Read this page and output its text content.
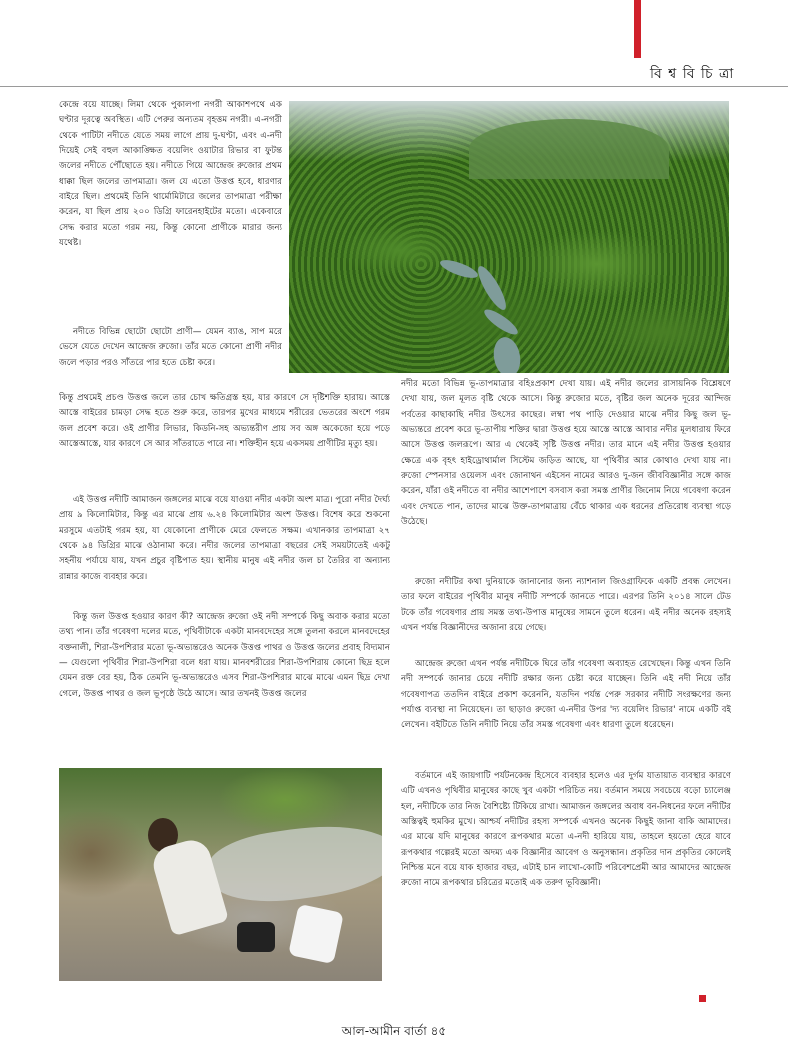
বি শ্ব বি চি ত্রা

কেন্দ্রে বয়ে যাচ্ছে। লিমা থেকে পুকালপা নগরী আকাশপথে এক ঘণ্টার দূরত্বে অবস্থিত। এটি পেরুর অন্যতম বৃহত্তম নগরী। এ-নগরী থেকে পাটিটা নদীতে যেতে সময় লাগে প্রায় দু-ঘণ্টা, এবং এ-নদী দিয়েই সেই বহুল আকাঙ্ক্ষিত বয়েলিং ওয়াটার রিভার বা ফুটন্ত জলের নদীতে পৌঁছোতে হয়। নদীতে গিয়ে আন্দ্রেজ রুজোর প্রথম ধাক্কা ছিল জলের তাপমাত্রা। জল যে এতো উত্তপ্ত হবে, ধারণার বাইরে ছিল। প্রথমেই তিনি থার্মোমিটারে জলের তাপমাত্রা পরীক্ষা করেন, যা ছিল প্রায় ২০০ ডিগ্রি ফারেনহাইটের মতো। একেবারে সেদ্ধ করার মতো গরম নয়, কিন্তু কোনো প্রাণীকে মারার জন্য যথেষ্ট।

নদীতে বিভিন্ন ছোটো ছোটো প্রাণী— যেমন ব্যাঙ, সাপ মরে ভেসে যেতে দেখেন আন্দ্রেজ রুজো। তাঁর মতে কোনো প্রাণী নদীর জলে পড়ার পরও সাঁতরে পার হতে চেষ্টা করে।

কিন্তু প্রথমেই প্রচণ্ড উত্তপ্ত জলে তার চোখ ক্ষতিগ্রস্ত হয়, যার কারণে সে দৃষ্টিশক্তি হারায়। আস্তে আস্তে বাইরের চামড়া সেদ্ধ হতে শুরু করে, তারপর মুখের মাধ্যমে শরীরের ভেতরের অংশে গরম জল প্রবেশ করে। ওই প্রাণীর লিভার, কিডনি-সহ অভ্যন্তরীণ প্রায় সব অঙ্গ অকেজো হয়ে পড়ে আস্তেআস্তে, যার কারণে সে আর সাঁতরাতে পারে না। শক্তিহীন হয়ে একসময় প্রাণীটির মৃত্যু হয়।

এই উত্তপ্ত নদীটি আমাজন জঙ্গলের মাঝে বয়ে যাওয়া নদীর একটা অংশ মাত্র। পুরো নদীর দৈর্ঘ্য প্রায় ৯ কিলোমিটার, কিন্তু এর মাঝে প্রায় ৬.২৪ কিলোমিটার অংশ উত্তপ্ত। বিশেষ করে শুকনো মরসুমে এতটাই গরম হয়, যা যেকোনো প্রাণীকে মেরে ফেলতে সক্ষম। এখানকার তাপমাত্রা ২৭ থেকে ৯৪ ডিগ্রির মাঝে ওঠানামা করে। নদীর জলের তাপমাত্রা বছরের সেই সময়টাতেই একটু সহনীয় পর্যায়ে যায়, যখন প্রচুর বৃষ্টিপাত হয়। স্থানীয় মানুষ এই নদীর জল চা তৈরির বা অন্যান্য রান্নার কাজে ব্যবহার করে।

কিন্তু জল উত্তপ্ত হওয়ার কারণ কী? আন্দ্রেজ রুজো ওই নদী সম্পর্কে কিছু অবাক করার মতো তথ্য পান। তাঁর গবেষণা দলের মতে, পৃথিবীটাকে একটা মানবদেহের সঙ্গে তুলনা করলে মানবদেহের বক্তনালী, শিরা-উপশিরার মতো ভূ-অভ্যন্তরেও অনেক উত্তপ্ত পাথর ও উত্তপ্ত জলের প্রবাহ বিদ্যমান— যেগুলো পৃথিবীর শিরা-উপশিরা বলে ধরা যায়। মানবশরীরের শিরা-উপশিরায় কোনো ছিদ্র হলে যেমন রক্ত বের হয়, ঠিক তেমনি ভূ-অভ্যন্তরেও এসব শিরা-উপশিরার মাঝে মাঝে এমন ছিদ্র দেখা গেলে, উত্তপ্ত পাথর ও জল ভূপৃষ্ঠে উঠে আসে। আর তখনই উত্তপ্ত জলের

নদীর মতো বিভিন্ন ভূ-তাপমাত্রার বহিঃপ্রকাশ দেখা যায়। এই নদীর জলের রাসায়নিক বিশ্লেষণে দেখা যায়, জল মূলত বৃষ্টি থেকে আসে। কিন্তু রুজোর মতে, বৃষ্টির জল অনেক দূরের আন্দিজ পর্বতের কাছাকাছি নদীর উৎসের কাছের। লম্বা পথ পাড়ি দেওয়ার মাঝে নদীর কিছু জল ভূ-অভ্যন্তরে প্রবেশ করে ভূ-তাপীয় শক্তির দ্বারা উত্তপ্ত হয়ে আস্তে আস্তে আবার নদীর মূলধারায় ফিরে আসে উত্তপ্ত জলরূপে। আর এ থেকেই সৃষ্টি উত্তপ্ত নদীর। তার মানে এই নদীর উত্তপ্ত হওয়ার ক্ষেত্রে এক বৃহৎ হাইড্রোথার্মাল সিস্টেম জড়িত আছে, যা পৃথিবীর আর কোথাও দেখা যায় না। রুজো স্পেনসার ওয়েলস এবং জোনাথন এইসেন নামের আরও দু-জন জীববিজ্ঞানীর সঙ্গে কাজ করেন, যাঁরা ওই নদীতে বা নদীর আশেপাশে বসবাস করা সমস্ত প্রাণীর জিনোম নিয়ে গবেষণা করেন এবং দেখতে পান, তাদের মাঝে উক্ত-তাপমাত্রায় বেঁচে থাকার এক ধরনের প্রতিরোধ ব্যবস্থা গড়ে উঠেছে।

রুজো নদীটির কথা দুনিয়াকে জানানোর জন্য ন্যাশনাল জিওগ্রাফিকে একটি প্রবন্ধ লেখেন। তার ফলে বাইরের পৃথিবীর মানুষ নদীটি সম্পর্কে জানতে পারে। এরপর তিনি ২০১৪ সালে টেড টকে তাঁর গবেষণার প্রায় সমস্ত তথ্য-উপাত্ত মানুষের সামনে তুলে ধরেন। এই নদীর অনেক রহস্যই এখন পর্যন্ত বিজ্ঞানীদের অজানা রয়ে গেছে।

আন্দ্রেজ রুজো এখন পর্যন্ত নদীটিকে ঘিরে তাঁর গবেষণা অব্যাহত রেখেছেন। কিন্তু এখন তিনি নদী সম্পর্কে জানার চেয়ে নদীটি রক্ষার জন্য চেষ্টা করে যাচ্ছেন। তিনি এই নদী নিয়ে তাঁর গবেষণাপত্র ততদিন বাইরে প্রকাশ করেননি, যতদিন পর্যন্ত পেরু সরকার নদীটি সংরক্ষণের জন্য পর্যাপ্ত ব্যবস্থা না নিয়েছেন। তা ছাড়াও রুজো এ-নদীর উপর 'দ্য বয়েলিং রিভার' নামে একটি বই লেখেন। বইটিতে তিনি নদীটি নিয়ে তাঁর সমস্ত গবেষণা এবং ধারণা তুলে ধরেছেন।

বর্তমানে এই জায়গাটি পর্যটনকেন্দ্র হিসেবে ব্যবহার হলেও এর দুর্গম যাতায়াত ব্যবস্থার কারণে এটি এখনও পৃথিবীর মানুষের কাছে খুব একটা পরিচিত নয়। বর্তমান সময়ে সবচেয়ে বড়ো চ্যালেঞ্জ হল, নদীটিকে তার নিজ বৈশিষ্ট্যে টিকিয়ে রাখা। আমাজন জঙ্গলের অবাধ বন-নিধনের ফলে নদীটির অস্তিত্বই হুমকির মুখে। আশ্চর্য নদীটির রহস্য সম্পর্কে এখনও অনেক কিছুই জানা বাকি আমাদের। এর মাঝে যদি মানুষের কারণে রূপকথার মতো এ-নদী হারিয়ে যায়, তাহলে হয়তো হেরে যাবে রূপকথার গল্পেরই মতো অদম্য এক বিজ্ঞানীর আবেগ ও অনুসন্ধান। প্রকৃতির দান প্রকৃতির কোলেই নিশ্চিন্ত মনে বয়ে যাক হাজার বছর, এটাই চান লাখো-কোটি পরিবেশপ্রেমী আর আমাদের আন্দ্রেজ রুজো নামে রূপকথার চরিত্রের মতোই এক তরুণ ভূবিজ্ঞানী।

আল-আমীন বার্তা ৪৫
